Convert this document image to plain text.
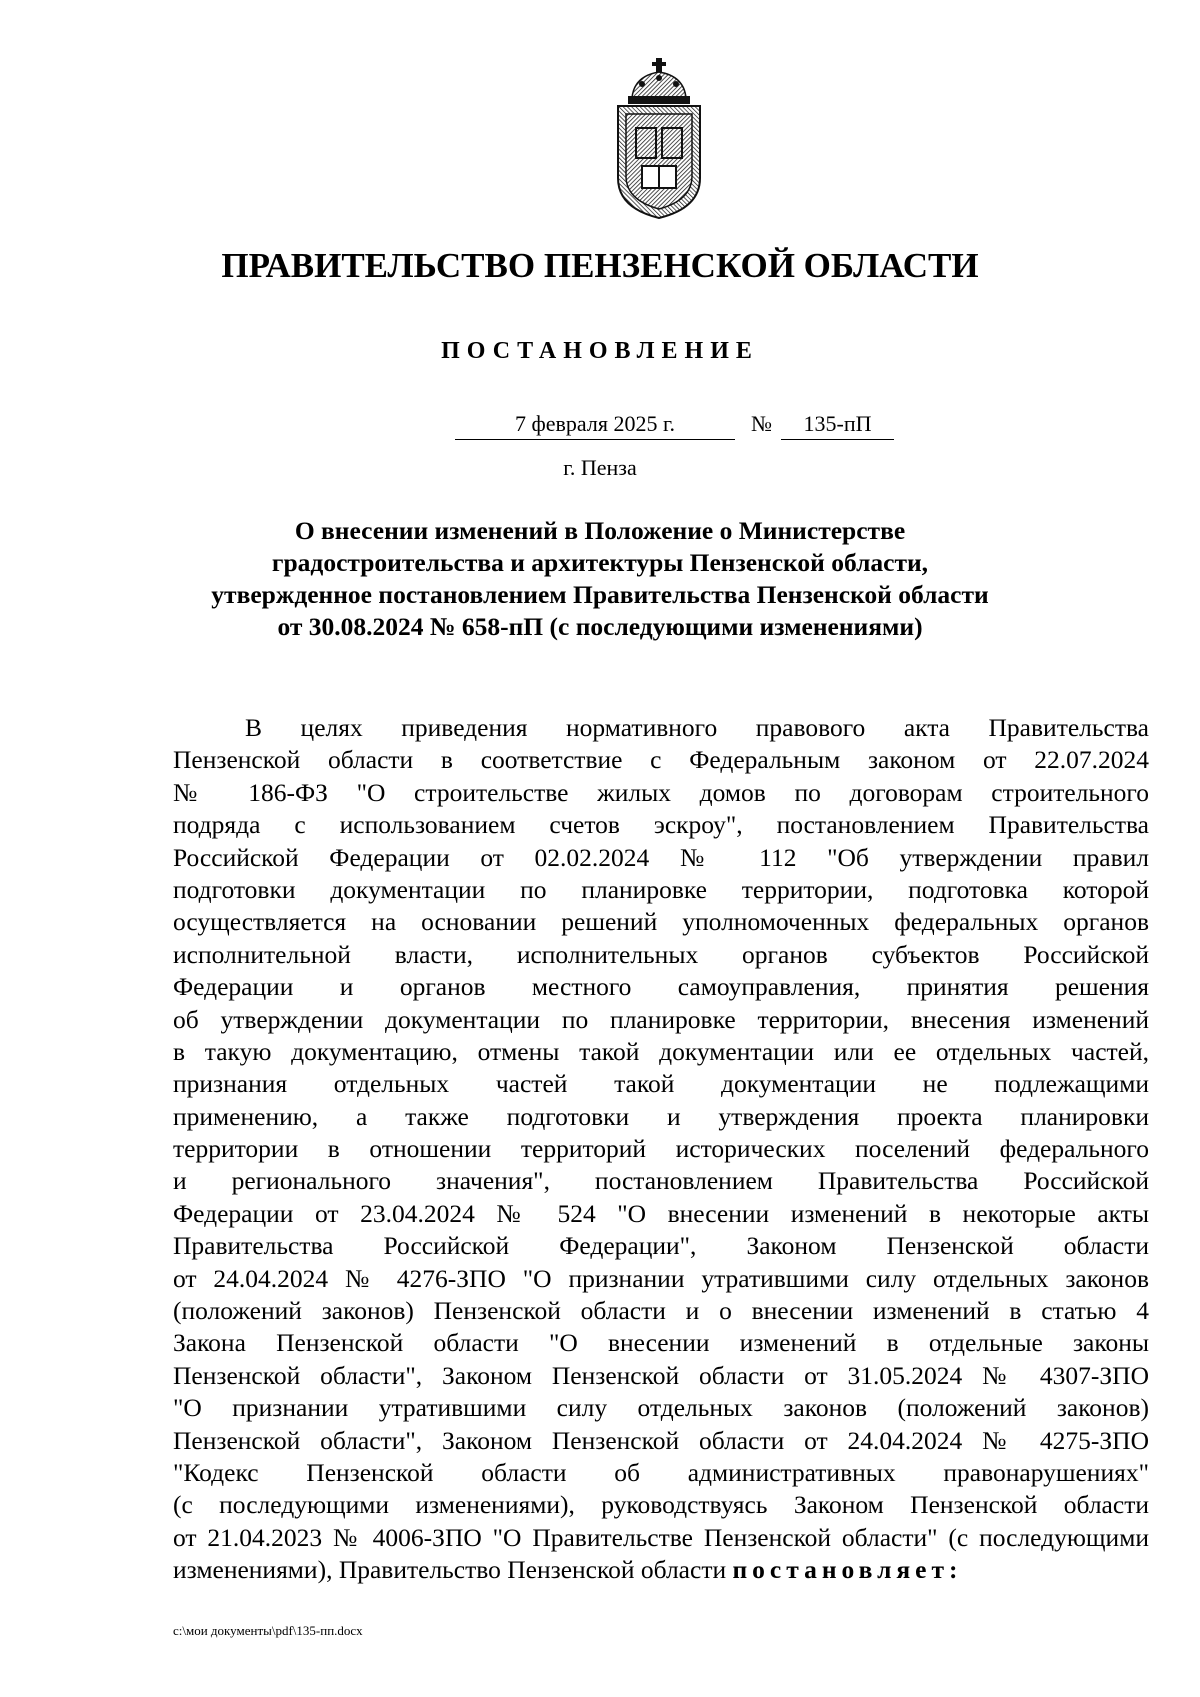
ПРАВИТЕЛЬСТВО ПЕНЗЕНСКОЙ ОБЛАСТИ
ПОСТАНОВЛЕНИЕ
7 февраля 2025 г.	№	135-пП
г. Пенза
О внесении изменений в Положение о Министерстве
градостроительства и архитектуры Пензенской области,
утвержденное постановлением Правительства Пензенской области
от 30.08.2024 № 658-пП (с последующими изменениями)
В целях приведения нормативного правового акта Правительства
Пензенской области в соответствие с Федеральным законом от 22.07.2024
№ 186-ФЗ "О строительстве жилых домов по договорам строительного
подряда с использованием счетов эскроу", постановлением Правительства
Российской Федерации от 02.02.2024 № 112 "Об утверждении правил
подготовки документации по планировке территории, подготовка которой
осуществляется на основании решений уполномоченных федеральных органов
исполнительной власти, исполнительных органов субъектов Российской
Федерации и органов местного самоуправления, принятия решения
об утверждении документации по планировке территории, внесения изменений
в такую документацию, отмены такой документации или ее отдельных частей,
признания отдельных частей такой документации не подлежащими
применению, а также подготовки и утверждения проекта планировки
территории в отношении территорий исторических поселений федерального
и регионального значения", постановлением Правительства Российской
Федерации от 23.04.2024 № 524 "О внесении изменений в некоторые акты
Правительства Российской Федерации", Законом Пензенской области
от 24.04.2024 № 4276-ЗПО "О признании утратившими силу отдельных законов
(положений законов) Пензенской области и о внесении изменений в статью 4
Закона Пензенской области "О внесении изменений в отдельные законы
Пензенской области", Законом Пензенской области от 31.05.2024 № 4307-ЗПО
"О признании утратившими силу отдельных законов (положений законов)
Пензенской области", Законом Пензенской области от 24.04.2024 № 4275-ЗПО
"Кодекс Пензенской области об административных правонарушениях"
(с последующими изменениями), руководствуясь Законом Пензенской области
от 21.04.2023 № 4006-ЗПО "О Правительстве Пензенской области" (с последующими
изменениями), Правительство Пензенской области постановляет:
c:\мои документы\pdf\135-пп.docx
